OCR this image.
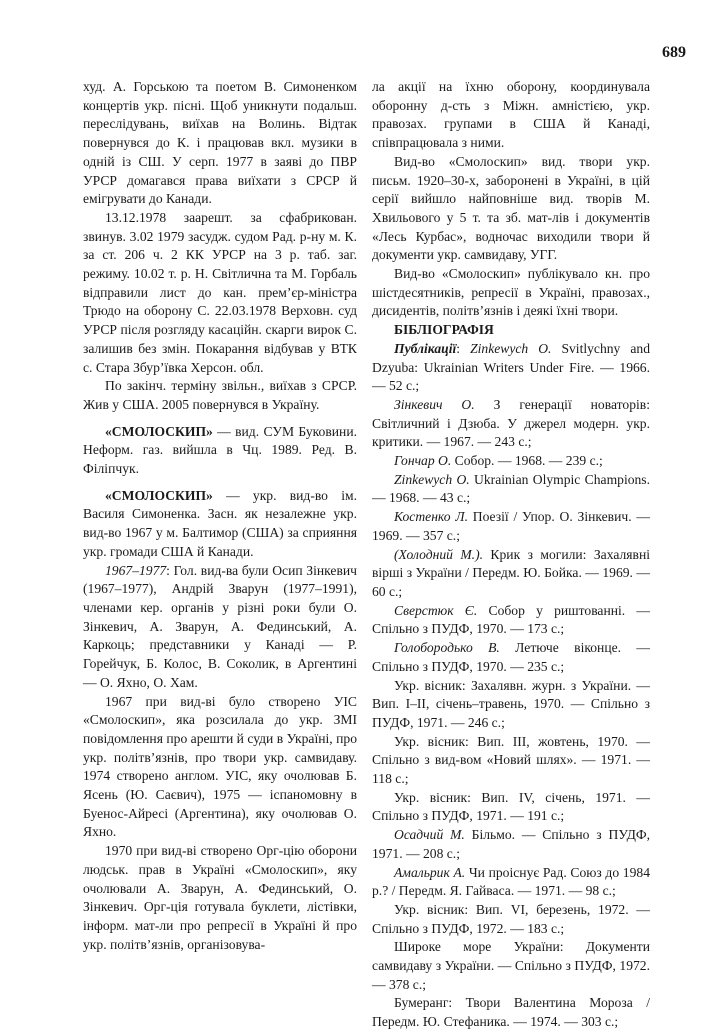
689

худ. А. Горською та поетом В. Симоненком концертів укр. пісні. Щоб уникнути подальш. переслідувань, виїхав на Волинь. Відтак повернувся до К. і працював вкл. музики в одній із СШ. У серп. 1977 в заяві до ПВР УРСР домагався права виїхати з СРСР й емігрувати до Канади.

13.12.1978 заарешт. за сфабрикован. звинув. 3.02 1979 засудж. судом Рад. р-ну м. К. за ст. 206 ч. 2 КК УРСР на 3 р. таб. заг. режиму. 10.02 т. р. Н. Світлична та М. Горбаль відправили лист до кан. прем’єр-міністра Трюдо на оборону С. 22.03.1978 Верховн. суд УРСР після розгляду касаційн. скарги вирок С. залишив без змін. Покарання відбував у ВТК с. Стара Збур’ївка Херсон. обл.

По закінч. терміну звільн., виїхав з СРСР. Жив у США. 2005 повернувся в Україну.

«СМОЛОСКИП» — вид. СУМ Буковини. Неформ. газ. вийшла в Чц. 1989. Ред. В. Філіпчук.

«СМОЛОСКИП» — укр. вид-во ім. Василя Симоненка. Засн. як незалежне укр. вид-во 1967 у м. Балтимор (США) за сприяння укр. громади США й Канади.

1967–1977: Гол. вид-ва були Осип Зінкевич (1967–1977), Андрій Зварун (1977–1991), членами кер. органів у різні роки були О. Зінкевич, А. Зварун, А. Фединський, А. Каркоць; представники у Канаді — Р. Горейчук, Б. Колос, В. Соколик, в Аргентині — О. Яхно, О. Хам.

1967 при вид-ві було створено УІС «Смолоскип», яка розсилала до укр. ЗМІ повідомлення про арешти й суди в Україні, про укр. політв’язнів, про твори укр. самвидаву. 1974 створено англом. УІС, яку очолював Б. Ясень (Ю. Саєвич), 1975 — іспаномовну в Буенос-Айресі (Аргентина), яку очолював О. Яхно.

1970 при вид-ві створено Орг-цію оборони людськ. прав в Україні «Смолоскип», яку очолювали А. Зварун, А. Фединський, О. Зінкевич. Орг-ція готувала буклети, лістівки, інформ. мат-ли про репресії в Україні й про укр. політв’язнів, організовува-

ла акції на їхню оборону, координувала оборонну д-сть з Міжн. амністією, укр. правозах. групами в США й Канаді, співпрацювала з ними.

Вид-во «Смолоскип» вид. твори укр. письм. 1920–30-х, заборонені в Україні, в цій серії вийшло найповніше вид. творів М. Хвильового у 5 т. та зб. мат-лів і документів «Лесь Курбас», водночас виходили твори й документи укр. самвидаву, УГГ.

Вид-во «Смолоскип» публікувало кн. про шістдесятників, репресії в Україні, правозах., дисидентів, політв’язнів і деякі їхні твори.

БІБЛІОГРАФІЯ

Публікації: Zinkewych O. Svitlychny and Dzyuba: Ukrainian Writers Under Fire. — 1966. — 52 c.;

Зінкевич О. З генерації новаторів: Світличний і Дзюба. У джерел модерн. укр. критики. — 1967. — 243 с.;

Гончар О. Собор. — 1968. — 239 с.;

Zinkewych O. Ukrainian Olympic Champions. — 1968. — 43 c.;

Костенко Л. Поезії / Упор. О. Зінкевич. — 1969. — 357 с.;

(Холодний М.). Крик з могили: Захалявні вірші з України / Передм. Ю. Бойка. — 1969. — 60 с.;

Сверстюк Є. Собор у риштованні. — Спільно з ПУДФ, 1970. — 173 с.;

Голобородько В. Летюче віконце. — Спільно з ПУДФ, 1970. — 235 с.;

Укр. вісник: Захалявн. журн. з України. — Вип. І–ІІ, січень–травень, 1970. — Спільно з ПУДФ, 1971. — 246 с.;

Укр. вісник: Вип. ІІІ, жовтень, 1970. — Спільно з вид-вом «Новий шлях». — 1971. — 118 с.;

Укр. вісник: Вип. IV, січень, 1971. — Спільно з ПУДФ, 1971. — 191 с.;

Осадчий М. Більмо. — Спільно з ПУДФ, 1971. — 208 с.;

Амальрик А. Чи проіснує Рад. Союз до 1984 р.? / Передм. Я. Гайваса. — 1971. — 98 с.;

Укр. вісник: Вип. VI, березень, 1972. — Спільно з ПУДФ, 1972. — 183 с.;

Широке море України: Документи самвидаву з України. — Спільно з ПУДФ, 1972. — 378 с.;

Бумеранг: Твори Валентина Мороза / Передм. Ю. Стефаника. — 1974. — 303 с.;
